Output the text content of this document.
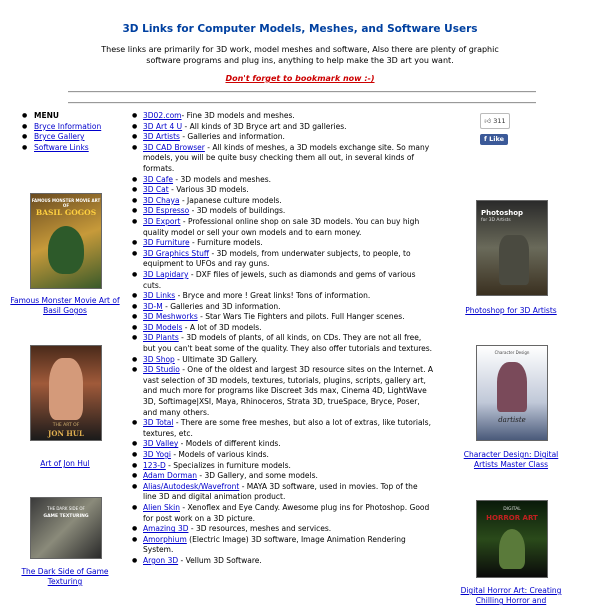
3D Links for Computer Models, Meshes, and Software Users
These links are primarily for 3D work, model meshes and software, Also there are plenty of graphic software programs and plug ins, anything to help make the 3D art you want.
Don't forget to bookmark now :-)
● MENU
● Bryce Information
● Bryce Gallery
● Software Links
FAMOUS MONSTER MOVIE ART OF
BASIL GOGOS
Famous Monster Movie Art of Basil Gogos
THE ART OF
JON HUL
Art of Jon Hul
THE DARK SIDE OF
GAME TEXTURING
The Dark Side of Game Texturing
● 3D02.com- Fine 3D models and meshes.
● 3D Art 4 U - All kinds of 3D Bryce art and 3D galleries.
● 3D Artists - Galleries and information.
● 3D CAD Browser - All kinds of meshes, a 3D models exchange site. So many models, you will be quite busy checking them all out, in several kinds of formats.
● 3D Cafe - 3D models and meshes.
● 3D Cat - Various 3D models.
● 3D Chaya - Japanese culture models.
● 3D Espresso - 3D models of buildings.
● 3D Export - Professional online shop on sale 3D models. You can buy high quality model or sell your own models and to earn money.
● 3D Furniture - Furniture models.
● 3D Graphics Stuff - 3D models, from underwater subjects, to people, to equipment to UFOs and ray guns.
● 3D Lapidary - DXF files of jewels, such as diamonds and gems of various cuts.
● 3D Links - Bryce and more ! Great links! Tons of information.
● 3D-M - Galleries and 3D information.
● 3D Meshworks - Star Wars Tie Fighters and pilots. Full Hanger scenes.
● 3D Models - A lot of 3D models.
● 3D Plants - 3D models of plants, of all kinds, on CDs. They are not all free, but you can't beat some of the quality. They also offer tutorials and textures.
● 3D Shop - Ultimate 3D Gallery.
● 3D Studio - One of the oldest and largest 3D resource sites on the Internet. A vast selection of 3D models, textures, tutorials, plugins, scripts, gallery art, and much more for programs like Discreet 3ds max, Cinema 4D, LightWave 3D, Softimage|XSI, Maya, Rhinoceros, Strata 3D, trueSpace, Bryce, Poser, and many others.
● 3D Total - There are some free meshes, but also a lot of extras, like tutorials, textures, etc.
● 3D Valley - Models of different kinds.
● 3D Yogi - Models of various kinds.
● 123-D - Specializes in furniture models.
● Adam Dorman - 3D Gallery, and some models.
● Alias/Autodesk/Wavefront - MAYA 3D software, used in movies. Top of the line 3D and digital animation product.
● Alien Skin - Xenoflex and Eye Candy. Awesome plug ins for Photoshop. Good for post work on a 3D picture.
● Amazing 3D - 3D resources, meshes and services.
● Amorphium (Electric Image) 3D software, Image Animation Rendering System.
● Argon 3D - Vellum 3D Software.
👍︎ 311
f Like
Photoshop
for 3D Artists
Photoshop for 3D Artists
Character Design
dartiste
Character Design: Digital Artists Master Class
DIGITAL
HORROR ART
Digital Horror Art: Creating Chilling Horror and
